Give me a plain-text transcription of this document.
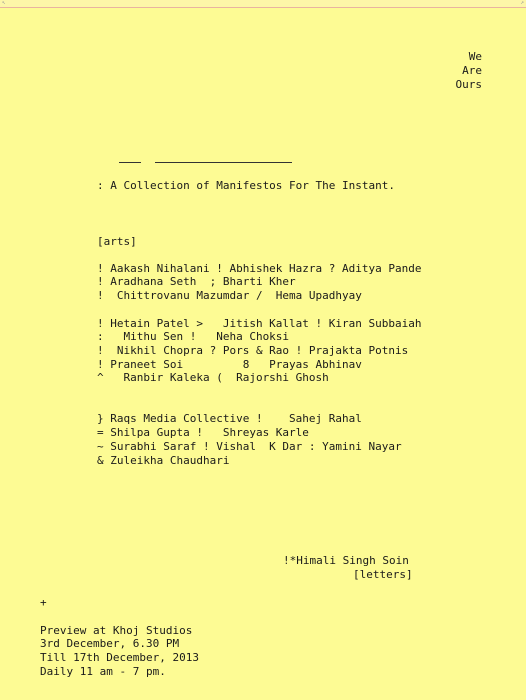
↖	↗
We
Are
Ours
: A Collection of Manifestos For The Instant.
[arts]
! Aakash Nihalani ! Abhishek Hazra ? Aditya Pande
! Aradhana Seth  ; Bharti Kher
!  Chittrovanu Mazumdar /  Hema Upadhyay
! Hetain Patel >   Jitish Kallat ! Kiran Subbaiah
:   Mithu Sen !   Neha Choksi
!  Nikhil Chopra ? Pors & Rao ! Prajakta Potnis
! Praneet Soi         8   Prayas Abhinav
^   Ranbir Kaleka (  Rajorshi Ghosh
} Raqs Media Collective !    Sahej Rahal
= Shilpa Gupta !   Shreyas Karle
~ Surabhi Saraf ! Vishal  K Dar : Yamini Nayar
& Zuleikha Chaudhari
!*Himali Singh Soin
[letters]
+
Preview at Khoj Studios
3rd December, 6.30 PM
Till 17th December, 2013
Daily 11 am - 7 pm.
